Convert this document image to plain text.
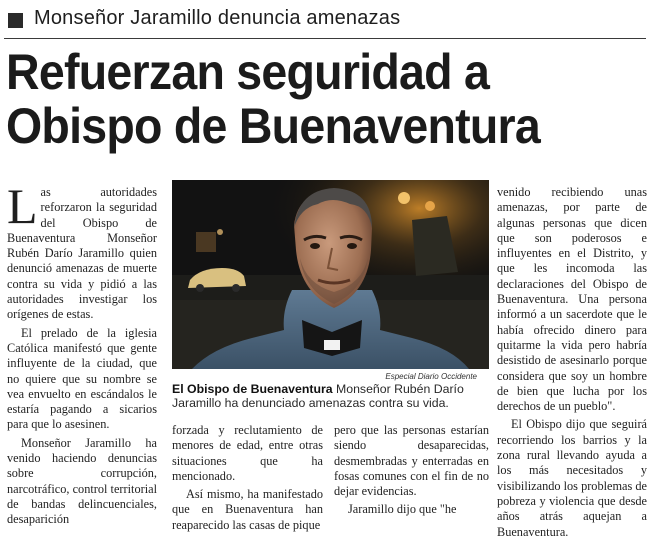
Monseñor Jaramillo denuncia amenazas
Refuerzan seguridad a
Obispo de Buenaventura

Las autoridades reforzaron la seguridad del Obispo de Buenaventura Monseñor Rubén Darío Jaramillo quien denunció amenazas de muerte contra su vida y pidió a las autoridades investigar los orígenes de estas.

El prelado de la iglesia Católica manifestó que gente influyente de la ciudad, que no quiere que su nombre se vea envuelto en escándalos le estaría pagando a sicarios para que lo asesinen.

Monseñor Jaramillo ha venido haciendo denuncias sobre corrupción, narcotráfico, control territorial de bandas delincuenciales, desaparición

Especial Diario Occidente
El Obispo de Buenaventura Monseñor Rubén Darío Jaramillo ha denunciado amenazas contra su vida.

forzada y reclutamiento de menores de edad, entre otras situaciones que ha mencionado.

Así mismo, ha manifestado que en Buenaventura han reaparecido las casas de pique

pero que las personas estarían siendo desaparecidas, desmembradas y enterradas en fosas comunes con el fin de no dejar evidencias.

Jaramillo dijo que "he

venido recibiendo unas amenazas, por parte de algunas personas que dicen que son poderosos e influyentes en el Distrito, y que les incomoda las declaraciones del Obispo de Buenaventura. Una persona informó a un sacerdote que le había ofrecido dinero para quitarme la vida pero habría desistido de asesinarlo porque considera que soy un hombre de bien que lucha por los derechos de un pueblo".

El Obispo dijo que seguirá recorriendo los barrios y la zona rural llevando ayuda a los más necesitados y visibilizando los problemas de pobreza y violencia que desde años atrás aquejan a Buenaventura.
